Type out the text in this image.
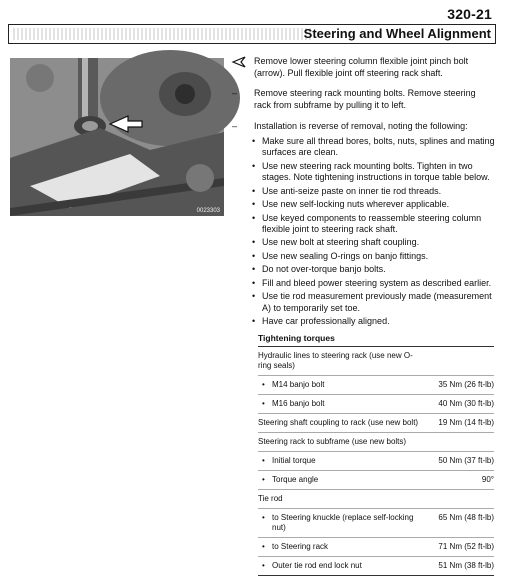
320-21
Steering and Wheel Alignment
0023303
Remove lower steering column flexible joint pinch bolt (arrow). Pull flexible joint off steering rack shaft.
– Remove steering rack mounting bolts. Remove steering rack from subframe by pulling it to left.
– Installation is reverse of removal, noting the following:
• Make sure all thread bores, bolts, nuts, splines and mating surfaces are clean.
• Use new steering rack mounting bolts. Tighten in two stages. Note tightening instructions in torque table below.
• Use anti-seize paste on inner tie rod threads.
• Use new self-locking nuts wherever applicable.
• Use keyed components to reassemble steering column flexible joint to steering rack shaft.
• Use new bolt at steering shaft coupling.
• Use new sealing O-rings on banjo fittings.
• Do not over-torque banjo bolts.
• Fill and bleed power steering system as described earlier.
• Use tie rod measurement previously made (measurement A) to temporarily set toe.
• Have car professionally aligned.
Tightening torques
Hydraulic lines to steering rack (use new O-ring seals)
• M14 banjo bolt	35 Nm (26 ft-lb)
• M16 banjo bolt	40 Nm (30 ft-lb)
Steering shaft coupling to rack (use new bolt)	19 Nm (14 ft-lb)
Steering rack to subframe (use new bolts)
• Initial torque	50 Nm (37 ft-lb)
• Torque angle	90°
Tie rod
• to Steering knuckle (replace self-locking nut)
65 Nm (48 ft-lb)
• to Steering rack	71 Nm (52 ft-lb)
• Outer tie rod end lock nut	51 Nm (38 ft-lb)
